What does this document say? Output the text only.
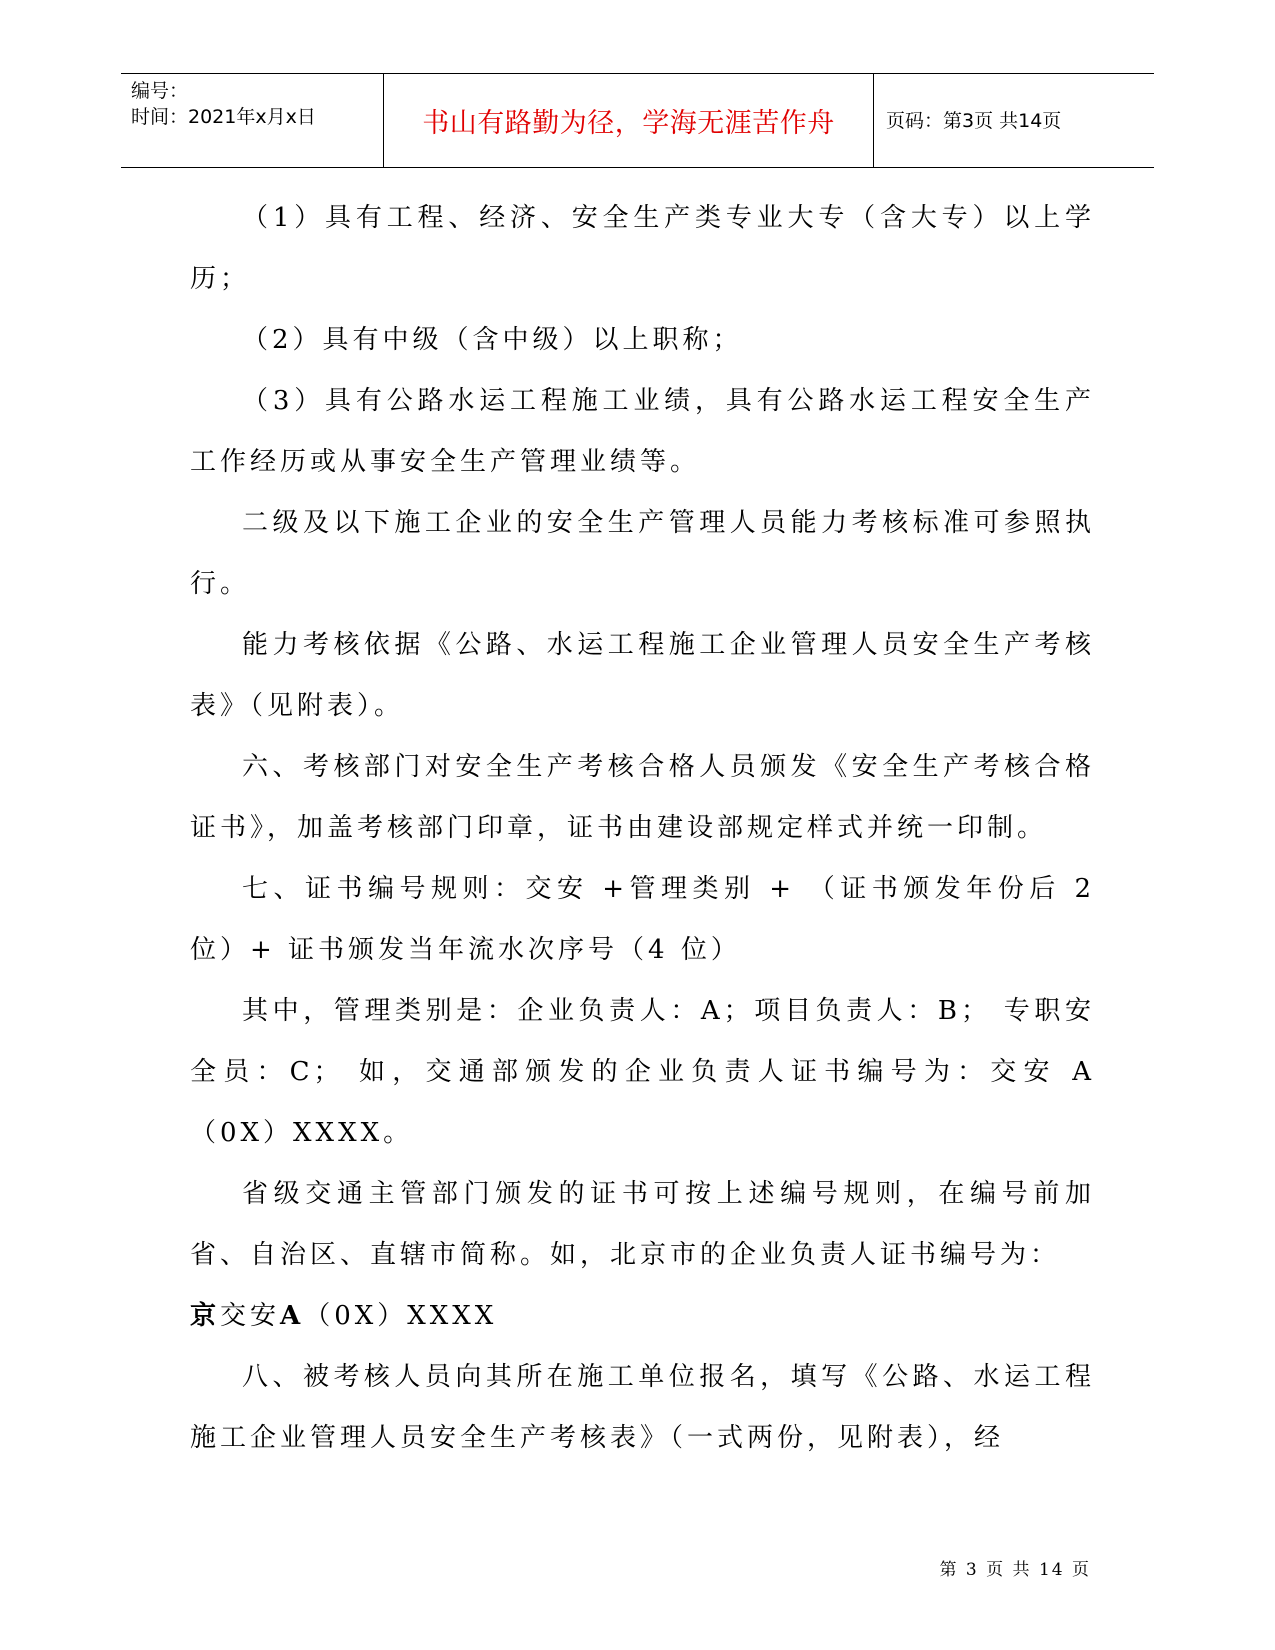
编号：
时间：2021年x月x日	书山有路勤为径，学海无涯苦作舟	页码：第3页 共14页

（1）具有工程、经济、安全生产类专业大专（含大专）以上学历；

（2）具有中级（含中级）以上职称；

（3）具有公路水运工程施工业绩，具有公路水运工程安全生产工作经历或从事安全生产管理业绩等。

二级及以下施工企业的安全生产管理人员能力考核标准可参照执行。

能力考核依据《公路、水运工程施工企业管理人员安全生产考核表》（见附表）。

六、考核部门对安全生产考核合格人员颁发《安全生产考核合格证书》，加盖考核部门印章，证书由建设部规定样式并统一印制。

七、证书编号规则：交安 +管理类别 + （证书颁发年份后 2 位）+ 证书颁发当年流水次序号（4 位）

其中，管理类别是：企业负责人：A；项目负责人：B； 专职安全员：C； 如，交通部颁发的企业负责人证书编号为：交安 A（0X）XXXX。

省级交通主管部门颁发的证书可按上述编号规则，在编号前加省、自治区、直辖市简称。如，北京市的企业负责人证书编号为：

京交安A（0X）XXXX

八、被考核人员向其所在施工单位报名，填写《公路、水运工程施工企业管理人员安全生产考核表》（一式两份，见附表），经

第 3 页 共 14 页
